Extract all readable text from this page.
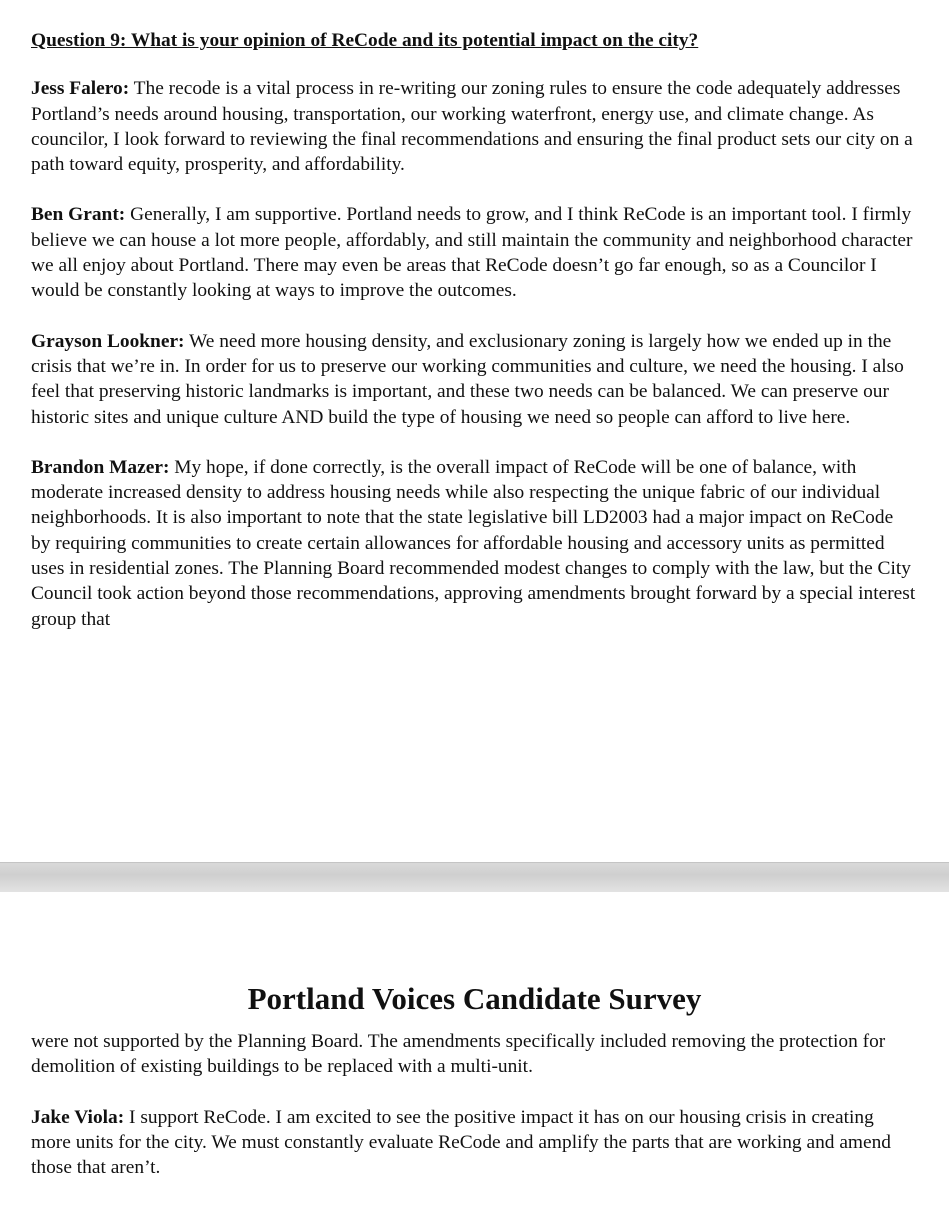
Question 9: What is your opinion of ReCode and its potential impact on the city?

Jess Falero: The recode is a vital process in re-writing our zoning rules to ensure the code adequately addresses Portland’s needs around housing, transportation, our working waterfront, energy use, and climate change. As councilor, I look forward to reviewing the final recommendations and ensuring the final product sets our city on a path toward equity, prosperity, and affordability.

Ben Grant: Generally, I am supportive. Portland needs to grow, and I think ReCode is an important tool. I firmly believe we can house a lot more people, affordably, and still maintain the community and neighborhood character we all enjoy about Portland. There may even be areas that ReCode doesn’t go far enough, so as a Councilor I would be constantly looking at ways to improve the outcomes.

Grayson Lookner: We need more housing density, and exclusionary zoning is largely how we ended up in the crisis that we’re in. In order for us to preserve our working communities and culture, we need the housing. I also feel that preserving historic landmarks is important, and these two needs can be balanced. We can preserve our historic sites and unique culture AND build the type of housing we need so people can afford to live here.

Brandon Mazer: My hope, if done correctly, is the overall impact of ReCode will be one of balance, with moderate increased density to address housing needs while also respecting the unique fabric of our individual neighborhoods. It is also important to note that the state legislative bill LD2003 had a major impact on ReCode by requiring communities to create certain allowances for affordable housing and accessory units as permitted uses in residential zones. The Planning Board recommended modest changes to comply with the law, but the City Council took action beyond those recommendations, approving amendments brought forward by a special interest group that

Portland Voices Candidate Survey

were not supported by the Planning Board. The amendments specifically included removing the protection for demolition of existing buildings to be replaced with a multi-unit.

Jake Viola: I support ReCode. I am excited to see the positive impact it has on our housing crisis in creating more units for the city. We must constantly evaluate ReCode and amplify the parts that are working and amend those that aren’t.
